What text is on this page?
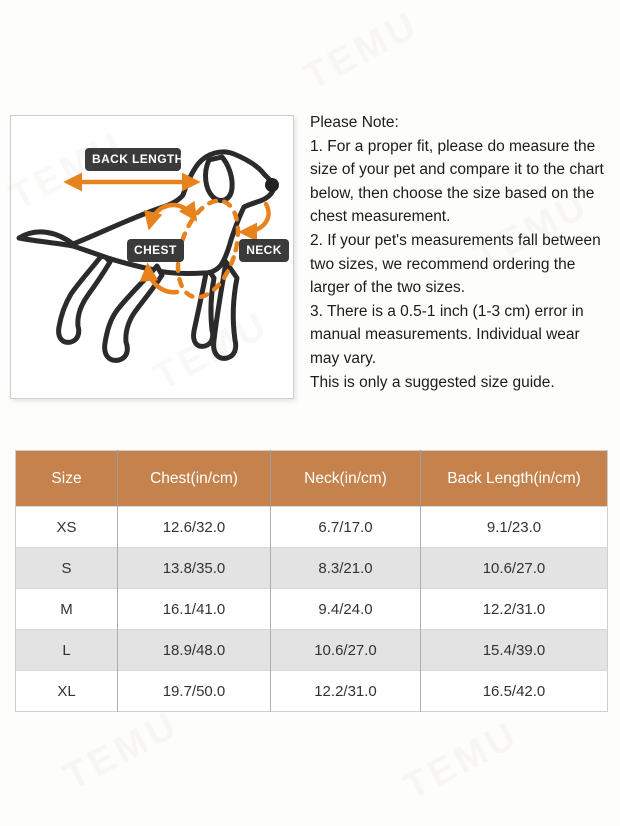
BACK LENGTH
CHEST	NECK
Please Note:
1. For a proper fit, please do measure the
size of your pet and compare it to the chart
below, then choose the size based on the
chest measurement.
2. If your pet's measurements fall between
two sizes, we recommend ordering the
larger of the two sizes.
3. There is a 0.5-1 inch (1-3 cm) error in
manual measurements. Individual wear
may vary.
This is only a suggested size guide.
Size	Chest(in/cm)	Neck(in/cm)	Back Length(in/cm)
XS	12.6/32.0	6.7/17.0	9.1/23.0
S	13.8/35.0	8.3/21.0	10.6/27.0
M	16.1/41.0	9.4/24.0	12.2/31.0
L	18.9/48.0	10.6/27.0	15.4/39.0
XL	19.7/50.0	12.2/31.0	16.5/42.0
